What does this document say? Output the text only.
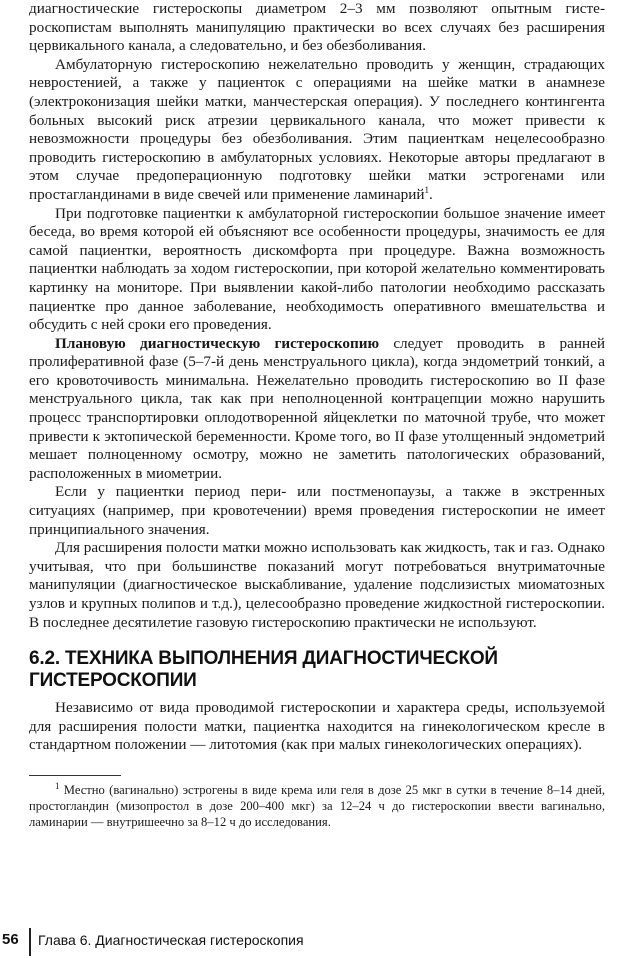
диагностические гистероскопы диаметром 2–3 мм позволяют опытным гистероскопистам выполнять манипуляцию практически во всех случаях без расширения цервикального канала, а следовательно, и без обезболивания.

Амбулаторную гистероскопию нежелательно проводить у женщин, страдающих невростенией, а также у пациенток с операциями на шейке матки в анамнезе (электроконизация шейки матки, манчестерская операция). У последнего контингента больных высокий риск атрезии цервикального канала, что может привести к невозможности процедуры без обезболивания. Этим пациенткам нецелесообразно проводить гистероскопию в амбулаторных условиях. Некоторые авторы предлагают в этом случае предоперационную подготовку шейки матки эстрогенами или простагландинами в виде свечей или применение ламинарий$^1$.

При подготовке пациентки к амбулаторной гистероскопии большое значение имеет беседа, во время которой ей объясняют все особенности процедуры, значимость ее для самой пациентки, вероятность дискомфорта при процедуре. Важна возможность пациентки наблюдать за ходом гистероскопии, при которой желательно комментировать картинку на мониторе. При выявлении какой-либо патологии необходимо рассказать пациентке про данное заболевание, необходимость оперативного вмешательства и обсудить с ней сроки его проведения.

Плановую диагностическую гистероскопию следует проводить в ранней пролиферативной фазе (5–7-й день менструального цикла), когда эндометрий тонкий, а его кровоточивость минимальна. Нежелательно проводить гистероскопию во II фазе менструального цикла, так как при неполноценной контрацепции можно нарушить процесс транспортировки оплодотворенной яйцеклетки по маточной трубе, что может привести к эктопической беременности. Кроме того, во II фазе утолщенный эндометрий мешает полноценному осмотру, можно не заметить патологических образований, расположенных в миометрии.

Если у пациентки период пери- или постменопаузы, а также в экстренных ситуациях (например, при кровотечении) время проведения гистероскопии не имеет принципиального значения.

Для расширения полости матки можно использовать как жидкость, так и газ. Однако учитывая, что при большинстве показаний могут потребоваться внутриматочные манипуляции (диагностическое выскабливание, удаление подслизистых миоматозных узлов и крупных полипов и т.д.), целесообразно проведение жидкостной гистероскопии. В последнее десятилетие газовую гистероскопию практически не используют.

6.2. ТЕХНИКА ВЫПОЛНЕНИЯ ДИАГНОСТИЧЕСКОЙ
ГИСТЕРОСКОПИИ

Независимо от вида проводимой гистероскопии и характера среды, используемой для расширения полости матки, пациентка находится на гинекологическом кресле в стандартном положении — литотомия (как при малых гинекологических операциях).

$^1$ Местно (вагинально) эстрогены в виде крема или геля в дозе 25 мкг в сутки в течение 8–14 дней, простогландин (мизопростол в дозе 200–400 мкг) за 12–24 ч до гистероскопии ввести вагинально, ламинарии — внутришеечно за 8–12 ч до исследования.

56 Глава 6. Диагностическая гистероскопия
